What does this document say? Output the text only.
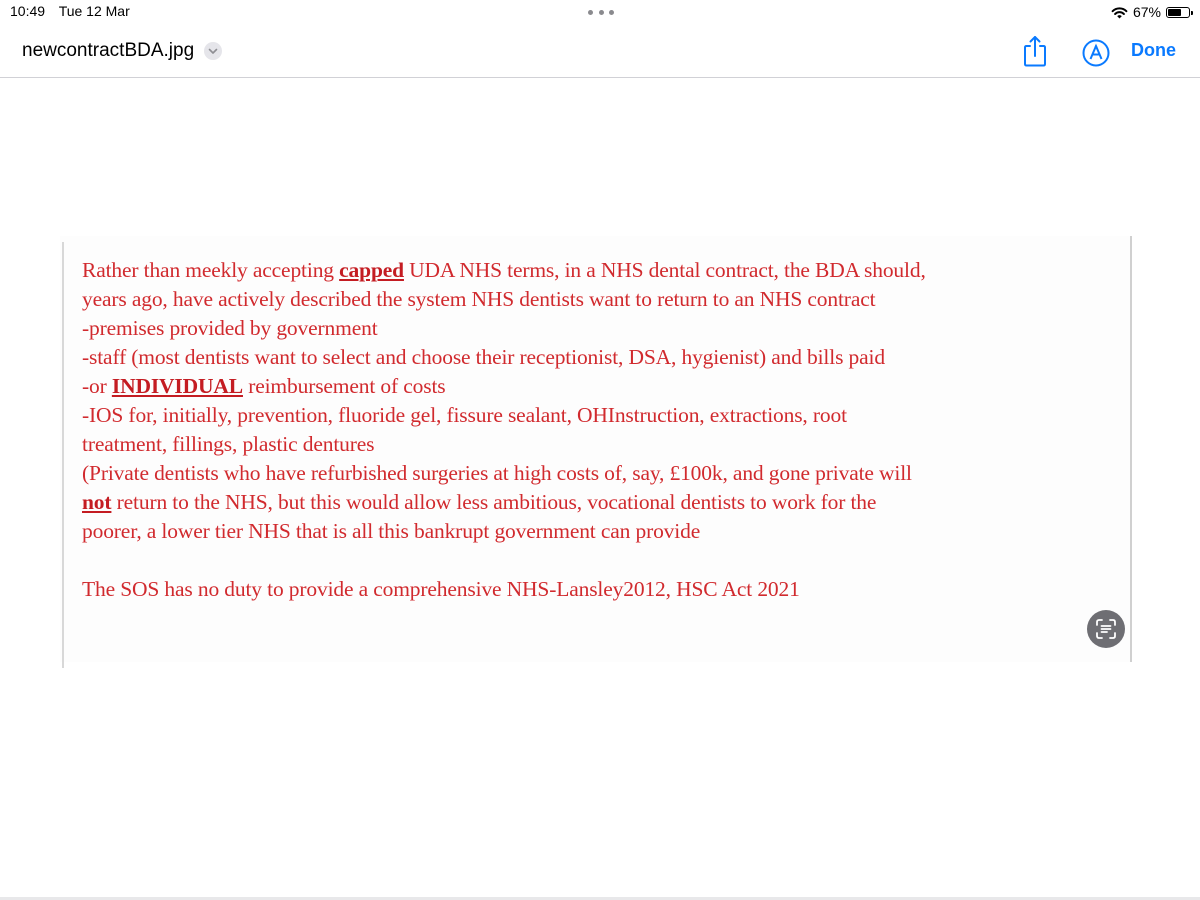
10:49 Tue 12 Mar	67%
newcontractBDA.jpg	Done

Rather than meekly accepting capped UDA NHS terms, in a NHS dental contract, the BDA should,

years ago, have actively described the system NHS dentists want to return to an NHS contract

-premises provided by government

-staff (most dentists want to select and choose their receptionist, DSA, hygienist) and bills paid

-or INDIVIDUAL reimbursement of costs

-IOS for, initially, prevention, fluoride gel, fissure sealant, OHInstruction, extractions, root

treatment, fillings, plastic dentures

(Private dentists who have refurbished surgeries at high costs of, say, £100k, and gone private will

not return to the NHS, but this would allow less ambitious, vocational dentists to work for the

poorer, a lower tier NHS that is all this bankrupt government can provide

The SOS has no duty to provide a comprehensive NHS-Lansley2012, HSC Act 2021
